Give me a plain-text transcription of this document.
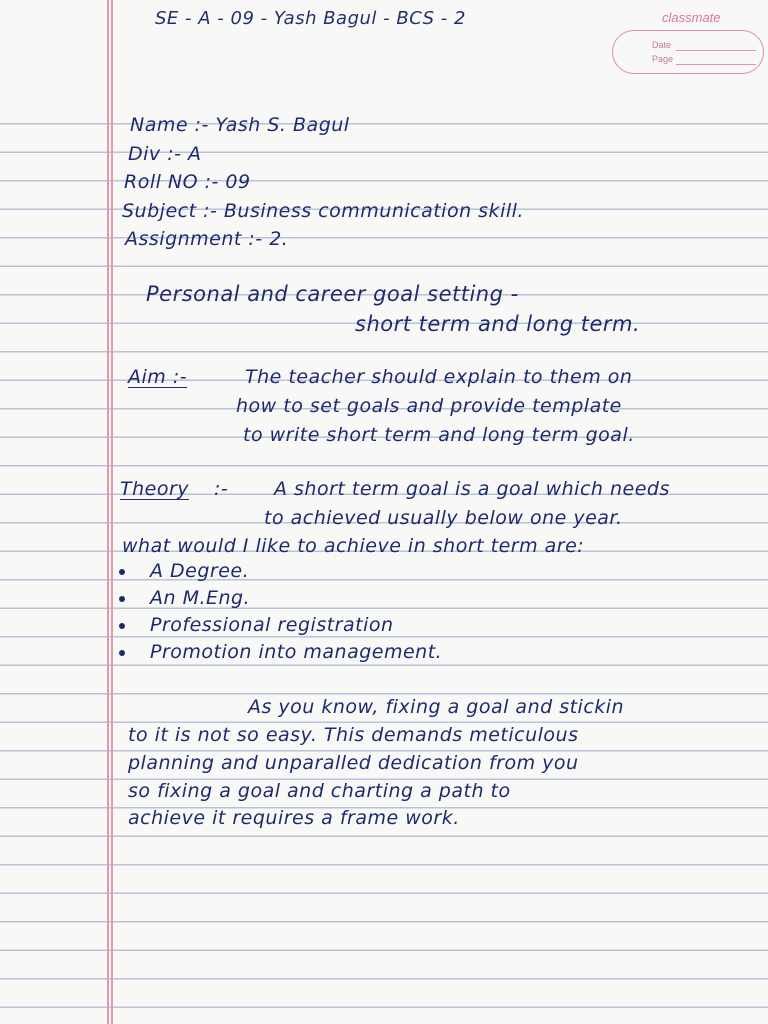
SE - A - 09 - Yash Bagul - BCS - 2	classmate
Date
Page
Name :- Yash S. Bagul
Div :- A
Roll NO :- 09
Subject :- Business communication skill.
Assignment :- 2.
Personal and career goal setting -
short term and long term.
Aim :-	The teacher should explain to them on
how to set goals and provide template
to write short term and long term goal.
Theory :- A short term goal is a goal which needs
to achieved usually below one year.
what would I like to achieve in short term are:
A Degree.
An M.Eng.
Professional registration
Promotion into management.
As you know, fixing a goal and stickin
to it is not so easy. This demands meticulous
planning and unparalled dedication from you
so fixing a goal and charting a path to
achieve it requires a frame work.
